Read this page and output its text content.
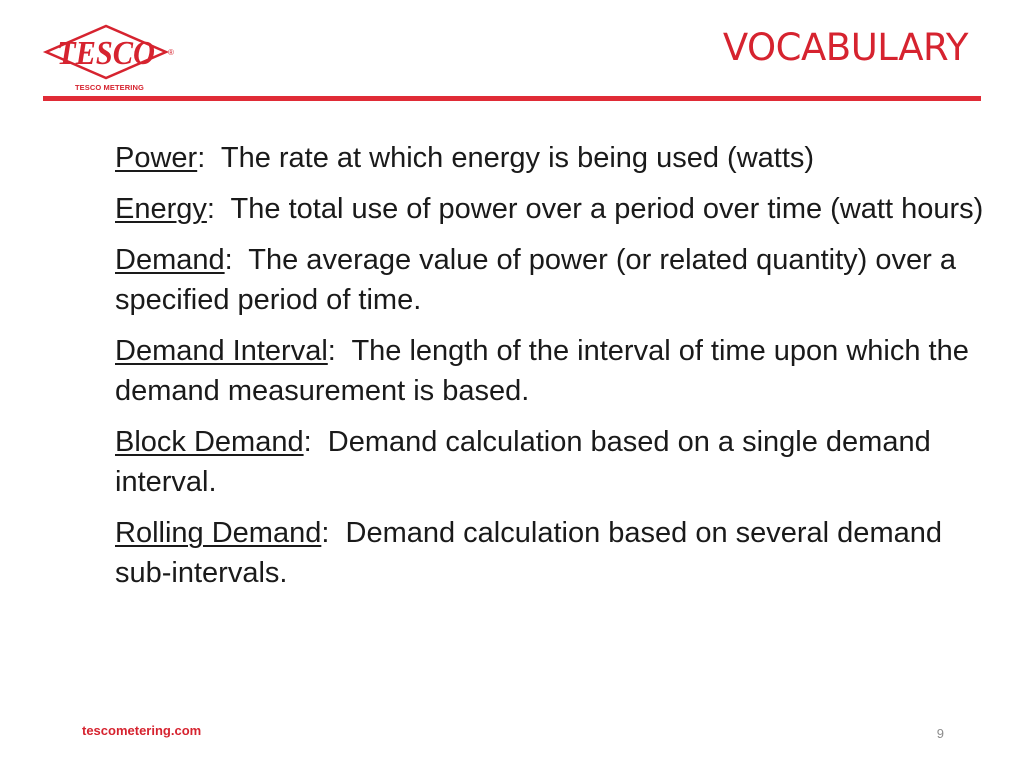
TESCO ®
TESCO METERING
VOCABULARY

Power:  The rate at which energy is being used (watts)

Energy:  The total use of power over a period over time (watt hours)

Demand:  The average value of power (or related quantity) over a specified period of time.

Demand Interval:  The length of the interval of time upon which the demand measurement is based.

Block Demand:  Demand calculation based on a single demand interval.

Rolling Demand:  Demand calculation based on several demand sub-intervals.

tescometering.com	9
